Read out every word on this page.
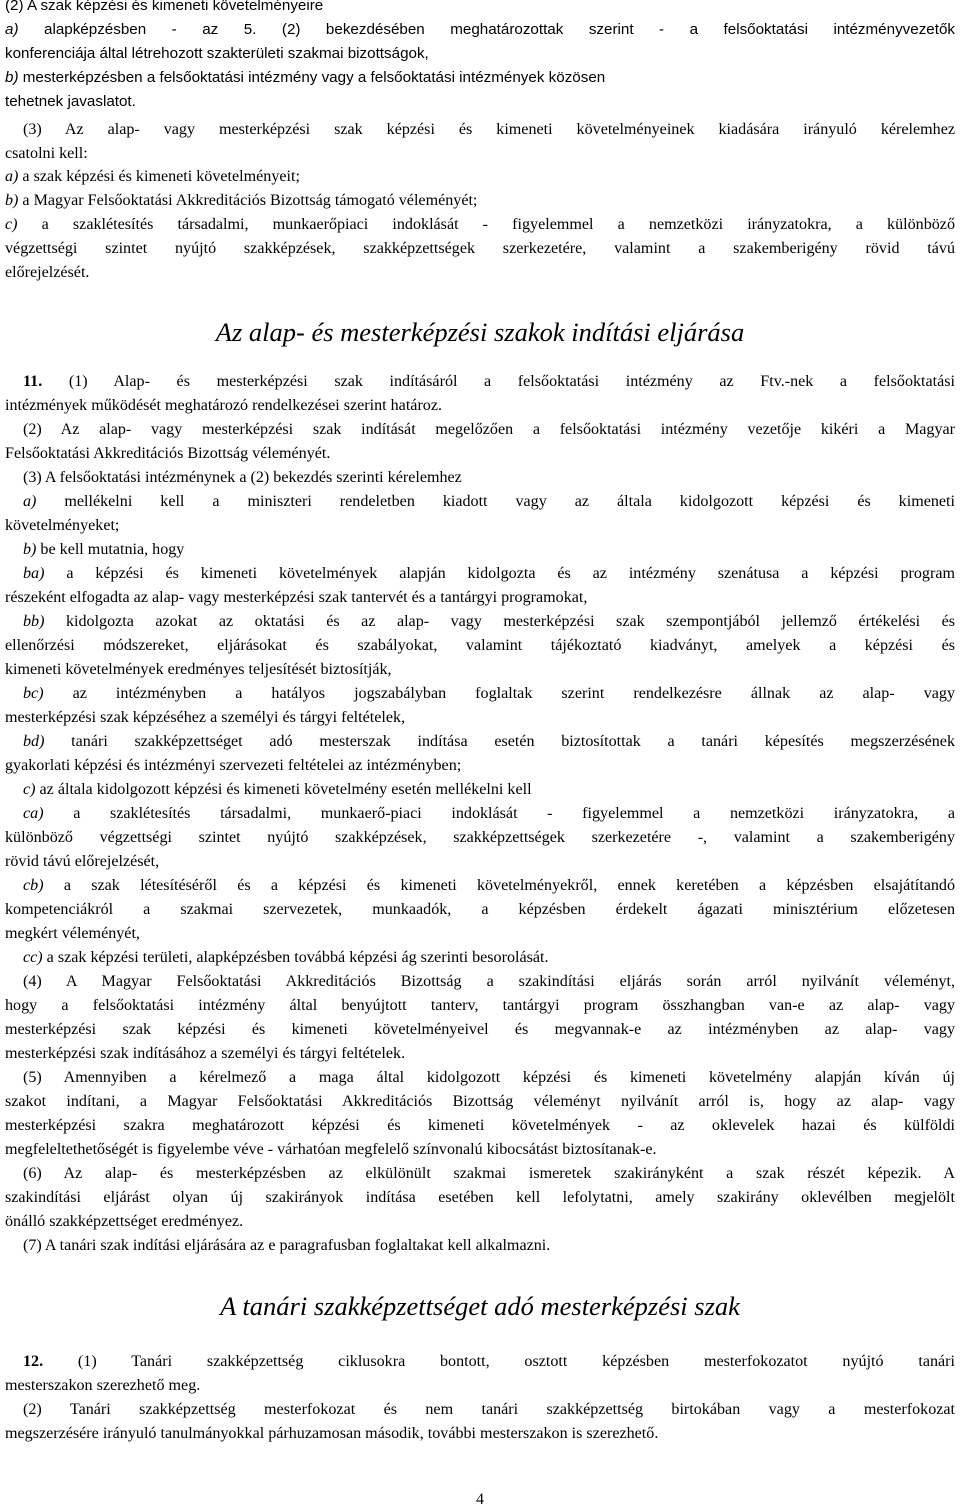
(2) A szak képzési és kimeneti követelményeire
a) alapképzésben - az 5. (2) bekezdésében meghatározottak szerint - a felsőoktatási intézményvezetők
konferenciája által létrehozott szakterületi szakmai bizottságok,
b) mesterképzésben a felsőoktatási intézmény vagy a felsőoktatási intézmények közösen
tehetnek javaslatot.
(3) Az alap- vagy mesterképzési szak képzési és kimeneti követelményeinek kiadására irányuló kérelemhez
csatolni kell:
a) a szak képzési és kimeneti követelményeit;
b) a Magyar Felsőoktatási Akkreditációs Bizottság támogató véleményét;
c) a szaklétesítés társadalmi, munkaerőpiaci indoklását - figyelemmel a nemzetközi irányzatokra, a különböző
végzettségi szintet nyújtó szakképzések, szakképzettségek szerkezetére, valamint a szakemberigény rövid távú
előrejelzését.
Az alap- és mesterképzési szakok indítási eljárása
11. (1) Alap- és mesterképzési szak indításáról a felsőoktatási intézmény az Ftv.-nek a felsőoktatási
intézmények működését meghatározó rendelkezései szerint határoz.
(2) Az alap- vagy mesterképzési szak indítását megelőzően a felsőoktatási intézmény vezetője kikéri a Magyar
Felsőoktatási Akkreditációs Bizottság véleményét.
(3) A felsőoktatási intézménynek a (2) bekezdés szerinti kérelemhez
a) mellékelni kell a miniszteri rendeletben kiadott vagy az általa kidolgozott képzési és kimeneti
követelményeket;
b) be kell mutatnia, hogy
ba) a képzési és kimeneti követelmények alapján kidolgozta és az intézmény szenátusa a képzési program
részeként elfogadta az alap- vagy mesterképzési szak tantervét és a tantárgyi programokat,
bb) kidolgozta azokat az oktatási és az alap- vagy mesterképzési szak szempontjából jellemző értékelési és
ellenőrzési módszereket, eljárásokat és szabályokat, valamint tájékoztató kiadványt, amelyek a képzési és
kimeneti követelmények eredményes teljesítését biztosítják,
bc) az intézményben a hatályos jogszabályban foglaltak szerint rendelkezésre állnak az alap- vagy
mesterképzési szak képzéséhez a személyi és tárgyi feltételek,
bd) tanári szakképzettséget adó mesterszak indítása esetén biztosítottak a tanári képesítés megszerzésének
gyakorlati képzési és intézményi szervezeti feltételei az intézményben;
c) az általa kidolgozott képzési és kimeneti követelmény esetén mellékelni kell
ca) a szaklétesítés társadalmi, munkaerő-piaci indoklását - figyelemmel a nemzetközi irányzatokra, a
különböző végzettségi szintet nyújtó szakképzések, szakképzettségek szerkezetére -, valamint a szakemberigény
rövid távú előrejelzését,
cb) a szak létesítéséről és a képzési és kimeneti követelményekről, ennek keretében a képzésben elsajátítandó
kompetenciákról a szakmai szervezetek, munkaadók, a képzésben érdekelt ágazati minisztérium előzetesen
megkért véleményét,
cc) a szak képzési területi, alapképzésben továbbá képzési ág szerinti besorolását.
(4) A Magyar Felsőoktatási Akkreditációs Bizottság a szakindítási eljárás során arról nyilvánít véleményt,
hogy a felsőoktatási intézmény által benyújtott tanterv, tantárgyi program összhangban van-e az alap- vagy
mesterképzési szak képzési és kimeneti követelményeivel és megvannak-e az intézményben az alap- vagy
mesterképzési szak indításához a személyi és tárgyi feltételek.
(5) Amennyiben a kérelmező a maga által kidolgozott képzési és kimeneti követelmény alapján kíván új
szakot indítani, a Magyar Felsőoktatási Akkreditációs Bizottság véleményt nyilvánít arról is, hogy az alap- vagy
mesterképzési szakra meghatározott képzési és kimeneti követelmények - az oklevelek hazai és külföldi
megfeleltethetőségét is figyelembe véve - várhatóan megfelelő színvonalú kibocsátást biztosítanak-e.
(6) Az alap- és mesterképzésben az elkülönült szakmai ismeretek szakirányként a szak részét képezik. A
szakindítási eljárást olyan új szakirányok indítása esetében kell lefolytatni, amely szakirány oklevélben megjelölt
önálló szakképzettséget eredményez.
(7) A tanári szak indítási eljárására az e paragrafusban foglaltakat kell alkalmazni.
A tanári szakképzettséget adó mesterképzési szak
12. (1) Tanári szakképzettség ciklusokra bontott, osztott képzésben mesterfokozatot nyújtó tanári
mesterszakon szerezhető meg.
(2) Tanári szakképzettség mesterfokozat és nem tanári szakképzettség birtokában vagy a mesterfokozat
megszerzésére irányuló tanulmányokkal párhuzamosan második, további mesterszakon is szerezhető.
4
